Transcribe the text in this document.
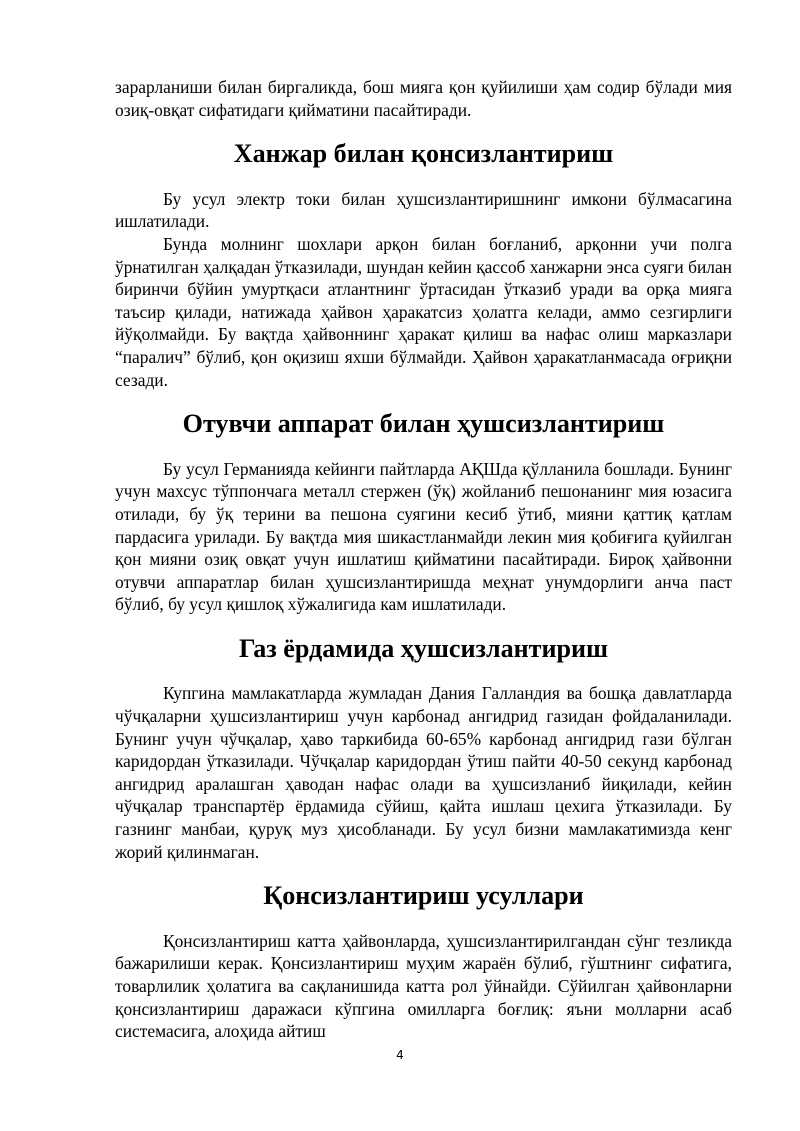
зарарланиши билан биргаликда, бош мияга қон қуйилиши ҳам содир бўлади мия озиқ-овқат сифатидаги қийматини пасайтиради.

Ханжар билан қонсизлантириш

Бу усул электр токи билан ҳушсизлантиришнинг имкони бўлмасагина ишлатилади.

Бунда молнинг шохлари арқон билан боғланиб, арқонни учи полга ўрнатилган ҳалқадан ўтказилади, шундан кейин қассоб ханжарни энса суяги билан биринчи бўйин умуртқаси атлантнинг ўртасидан ўтказиб уради ва орқа мияга таъсир қилади, натижада ҳайвон ҳаракатсиз ҳолатга келади, аммо сезгирлиги йўқолмайди. Бу вақтда ҳайвоннинг ҳаракат қилиш ва нафас олиш марказлари “паралич” бўлиб, қон оқизиш яхши бўлмайди. Ҳайвон ҳаракатланмасада оғриқни сезади.

Отувчи аппарат билан ҳушсизлантириш

Бу усул Германияда кейинги пайтларда АҚШда қўлланила бошлади. Бунинг учун махсус тўппончага металл стержен (ўқ) жойланиб пешонанинг мия юзасига отилади, бу ўқ терини ва пешона суягини кесиб ўтиб, мияни қаттиқ қатлам пардасига урилади. Бу вақтда мия шикастланмайди лекин мия қобиғига қуйилган қон мияни озиқ овқат учун ишлатиш қийматини пасайтиради. Бироқ ҳайвонни отувчи аппаратлар билан ҳушсизлантиришда меҳнат унумдорлиги анча паст бўлиб, бу усул қишлоқ хўжалигида кам ишлатилади.

Газ ёрдамида ҳушсизлантириш

Купгина мамлакатларда жумладан Дания Галландия ва бошқа давлатларда чўчқаларни ҳушсизлантириш учун карбонад ангидрид газидан фойдаланилади. Бунинг учун чўчқалар, ҳаво таркибида 60-65% карбонад ангидрид гази бўлган каридордан ўтказилади. Чўчқалар каридордан ўтиш пайти 40-50 секунд карбонад ангидрид аралашган ҳаводан нафас олади ва ҳушсизланиб йиқилади, кейин чўчқалар транспартёр ёрдамида сўйиш, қайта ишлаш цехига ўтказилади. Бу газнинг манбаи, қуруқ муз ҳисобланади. Бу усул бизни мамлакатимизда кенг жорий қилинмаган.

Қонсизлантириш усуллари

Қонсизлантириш катта ҳайвонларда, ҳушсизлантирилгандан сўнг тезликда бажарилиши керак. Қонсизлантириш муҳим жараён бўлиб, гўштнинг сифатига, товарлилик ҳолатига ва сақланишида катта рол ўйнайди. Сўйилган ҳайвонларни қонсизлантириш даражаси кўпгина омилларга боғлиқ: яъни молларни асаб системасига, алоҳида айтиш

4
